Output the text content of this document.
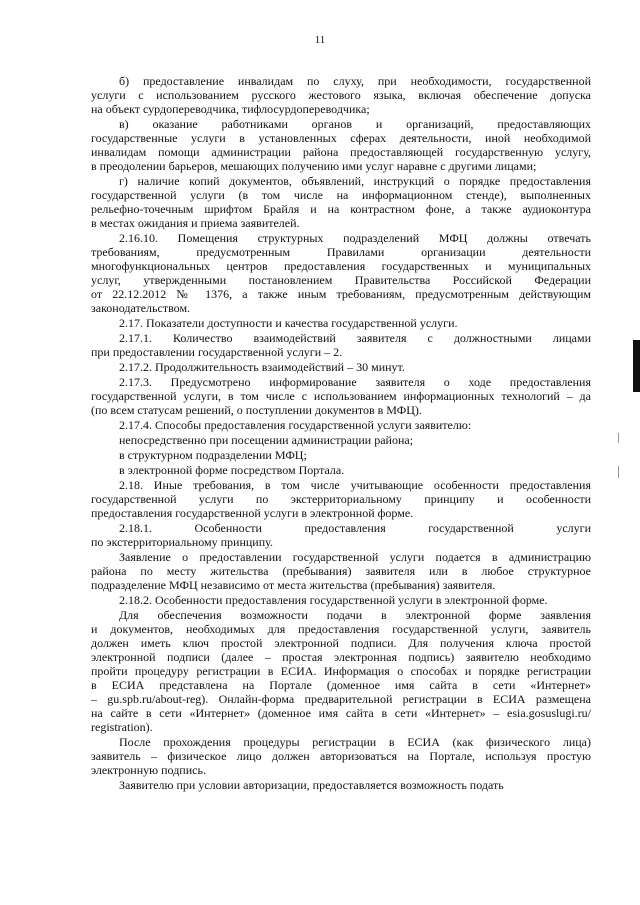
11
б) предоставление инвалидам по слуху, при необходимости, государственной
услуги с использованием русского жестового языка, включая обеспечение допуска
на объект сурдопереводчика, тифлосурдопереводчика;
в) оказание работниками органов и организаций, предоставляющих
государственные услуги в установленных сферах деятельности, иной необходимой
инвалидам помощи администрации района предоставляющей государственную услугу,
в преодолении барьеров, мешающих получению ими услуг наравне с другими лицами;
г) наличие копий документов, объявлений, инструкций о порядке предоставления
государственной услуги (в том числе на информационном стенде), выполненных
рельефно-точечным шрифтом Брайля и на контрастном фоне, а также аудиоконтура
в местах ожидания и приема заявителей.
2.16.10. Помещения структурных подразделений МФЦ должны отвечать
требованиям, предусмотренным Правилами организации деятельности
многофункциональных центров предоставления государственных и муниципальных
услуг, утвержденными постановлением Правительства Российской Федерации
от 22.12.2012 № 1376, а также иным требованиям, предусмотренным действующим
законодательством.
2.17. Показатели доступности и качества государственной услуги.
2.17.1. Количество взаимодействий заявителя с должностными лицами
при предоставлении государственной услуги – 2.
2.17.2. Продолжительность взаимодействий – 30 минут.
2.17.3. Предусмотрено информирование заявителя о ходе предоставления
государственной услуги, в том числе с использованием информационных технологий – да
(по всем статусам решений, о поступлении документов в МФЦ).
2.17.4. Способы предоставления государственной услуги заявителю:
непосредственно при посещении администрации района;
в структурном подразделении МФЦ;
в электронной форме посредством Портала.
2.18. Иные требования, в том числе учитывающие особенности предоставления
государственной услуги по экстерриториальному принципу и особенности
предоставления государственной услуги в электронной форме.
2.18.1. Особенности предоставления государственной услуги
по экстерриториальному принципу.
Заявление о предоставлении государственной услуги подается в администрацию
района по месту жительства (пребывания) заявителя или в любое структурное
подразделение МФЦ независимо от места жительства (пребывания) заявителя.
2.18.2. Особенности предоставления государственной услуги в электронной форме.
Для обеспечения возможности подачи в электронной форме заявления
и документов, необходимых для предоставления государственной услуги, заявитель
должен иметь ключ простой электронной подписи. Для получения ключа простой
электронной подписи (далее – простая электронная подпись) заявителю необходимо
пройти процедуру регистрации в ЕСИА. Информация о способах и порядке регистрации
в ЕСИА представлена на Портале (доменное имя сайта в сети «Интернет»
– gu.spb.ru/about-reg). Онлайн-форма предварительной регистрации в ЕСИА размещена
на сайте в сети «Интернет» (доменное имя сайта в сети «Интернет» – esia.gosuslugi.ru/
registration).
После прохождения процедуры регистрации в ЕСИА (как физического лица)
заявитель – физическое лицо должен авторизоваться на Портале, используя простую
электронную подпись.
Заявителю при условии авторизации, предоставляется возможность подать
